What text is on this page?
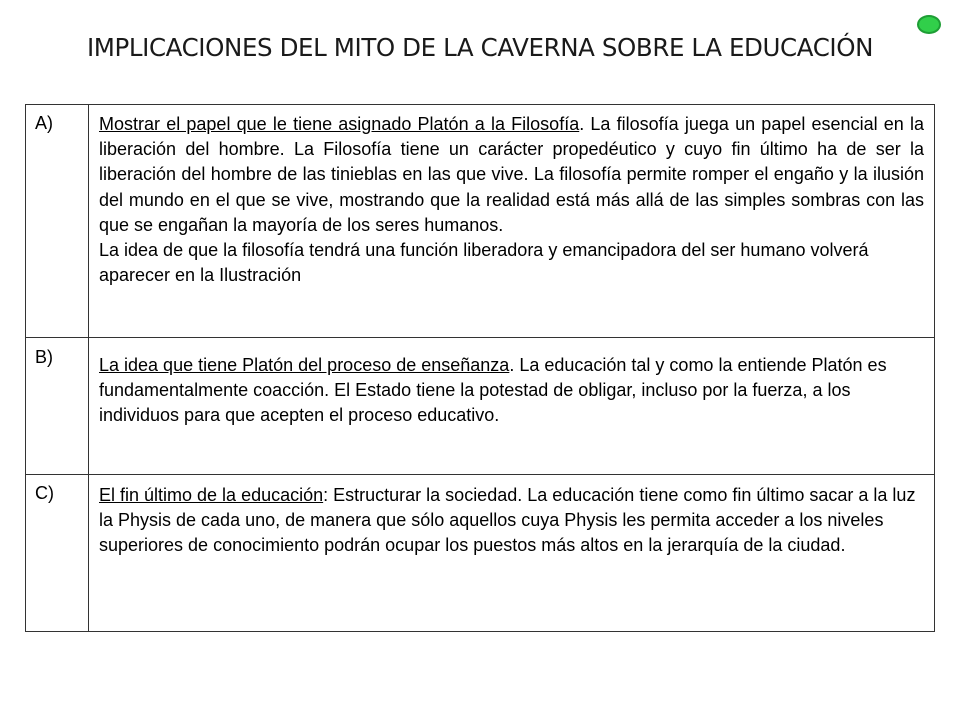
IMPLICACIONES DEL MITO DE LA CAVERNA SOBRE LA EDUCACIÓN
A)	Mostrar el papel que le tiene asignado Platón a la Filosofía. La filosofía juega un papel esencial en la liberación del hombre. La Filosofía tiene un carácter propedéutico y cuyo fin último ha de ser la liberación del hombre de las tinieblas en las que vive. La filosofía permite romper el engaño y la ilusión del mundo en el que se vive, mostrando que la realidad está más allá de las simples sombras con las que se engañan la mayoría de los seres humanos.
La idea de que la filosofía tendrá una función liberadora y emancipadora del ser humano volverá aparecer en la Ilustración

B)	La idea que tiene Platón del proceso de enseñanza. La educación tal y como la entiende Platón es fundamentalmente coacción. El Estado tiene la potestad de obligar, incluso por la fuerza, a los individuos para que acepten el proceso educativo.
C)	El fin último de la educación: Estructurar la sociedad. La educación tiene como fin último sacar a la luz la Physis de cada uno, de manera que sólo aquellos cuya Physis les permita acceder a los niveles superiores de conocimiento podrán ocupar los puestos más altos en la jerarquía de la ciudad.
